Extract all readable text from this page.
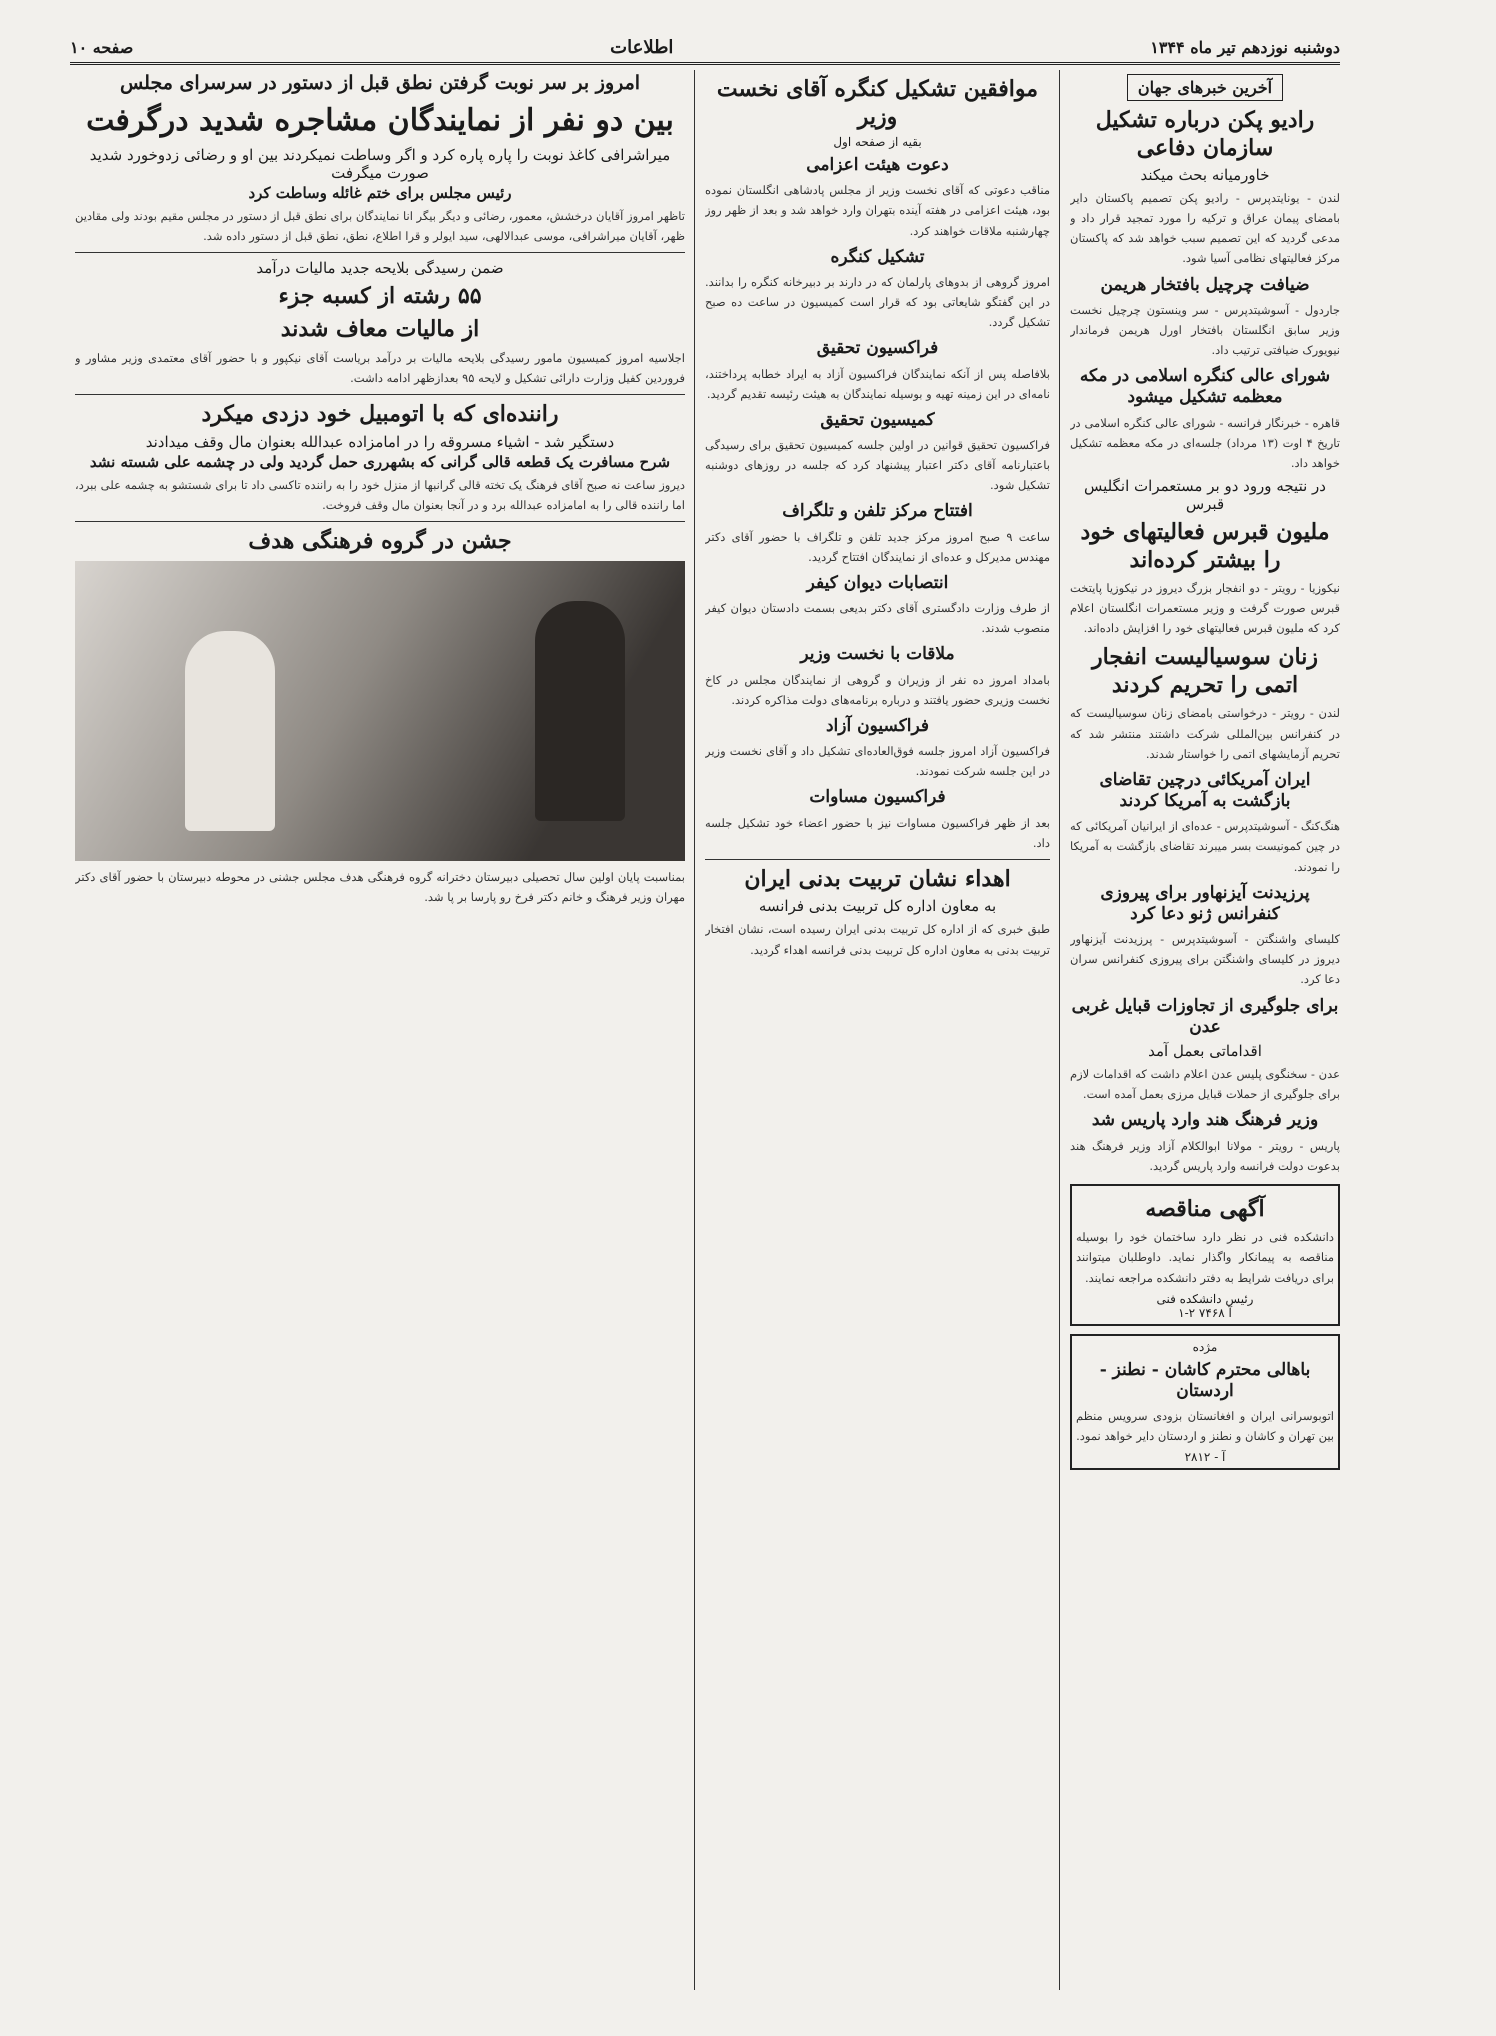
دوشنبه نوزدهم تیر ماه ۱۳۴۴
اطلاعات
صفحه ۱۰
آخرین خبرهای جهان
رادیو پکن درباره تشکیل سازمان دفاعی
خاورمیانه بحث میکند

لندن - یونایتدپرس - رادیو پکن تصمیم پاکستان دایر بامضای پیمان عراق و ترکیه را مورد تمجید قرار داد و مدعی گردید که این تصمیم سبب خواهد شد که پاکستان مرکز فعالیتهای نظامی آسیا شود.

ضیافت چرچیل بافتخار هریمن

جاردول - آسوشیتدپرس - سر وینستون چرچیل نخست وزیر سابق انگلستان بافتخار اورل هریمن فرماندار نیویورک ضیافتی ترتیب داد.

شورای عالی کنگره اسلامی در مکه معظمه تشکیل میشود

قاهره - خبرنگار فرانسه - شورای عالی کنگره اسلامی در تاریخ ۴ اوت (۱۳ مرداد) جلسه‌ای در مکه معظمه تشکیل خواهد داد.

در نتیجه ورود دو بر مستعمرات انگلیس قبرس
ملیون قبرس فعالیتهای خود را بیشتر کرده‌اند

نیکوزیا - رویتر - دو انفجار بزرگ دیروز در نیکوزیا پایتخت قبرس صورت گرفت و وزیر مستعمرات انگلستان اعلام کرد که ملیون قبرس فعالیتهای خود را افزایش داده‌اند.

زنان سوسیالیست انفجار اتمی را تحریم کردند

لندن - رویتر - درخواستی بامضای زنان سوسیالیست که در کنفرانس بین‌المللی شرکت داشتند منتشر شد که تحریم آزمایشهای اتمی را خواستار شدند.

ایران آمریکائی درچین تقاضای بازگشت به آمریکا کردند

هنگ‌کنگ - آسوشیتدپرس - عده‌ای از ایرانیان آمریکائی که در چین کمونیست بسر میبرند تقاضای بازگشت به آمریکا را نمودند.

پرزیدنت آیزنهاور برای پیروزی کنفرانس ژنو دعا کرد

کلیسای واشنگتن - آسوشیتدپرس - پرزیدنت آیزنهاور دیروز در کلیسای واشنگتن برای پیروزی کنفرانس سران دعا کرد.

برای جلوگیری از تجاوزات قبایل غربی عدن
اقداماتی بعمل آمد

عدن - سخنگوی پلیس عدن اعلام داشت که اقدامات لازم برای جلوگیری از حملات قبایل مرزی بعمل آمده است.

وزیر فرهنگ هند وارد پاریس شد

پاریس - رویتر - مولانا ابوالکلام آزاد وزیر فرهنگ هند بدعوت دولت فرانسه وارد پاریس گردید.

آگهی مناقصه

دانشکده فنی در نظر دارد ساختمان خود را بوسیله مناقصه به پیمانکار واگذار نماید. داوطلبان میتوانند برای دریافت شرایط به دفتر دانشکده مراجعه نمایند.

رئیس دانشکده فنی
آ ۷۴۶۸ ۲-۱
مژده
باهالی محترم کاشان - نطنز - اردستان

اتوبوسرانی ایران و افغانستان بزودی سرویس منظم بین تهران و کاشان و نطنز و اردستان دایر خواهد نمود.

آ - ۲۸۱۲
موافقین تشکیل کنگره آقای نخست وزیر
بقیه از صفحه اول
دعوت هیئت اعزامی

مناقب دعوتی که آقای نخست وزیر از مجلس پادشاهی انگلستان نموده بود، هیئت اعزامی در هفته آینده بتهران وارد خواهد شد و بعد از ظهر روز چهارشنبه ملاقات خواهند کرد.

تشکیل کنگره

امروز گروهی از بدوهای پارلمان که در دارند بر دبیرخانه کنگره را بدانند. در این گفتگو شایعاتی بود که قرار است کمیسیون در ساعت ده صبح تشکیل گردد.

فراکسیون تحقیق

بلافاصله پس از آنکه نمایندگان فراکسیون آزاد به ایراد خطابه پرداختند، نامه‌ای در این زمینه تهیه و بوسیله نمایندگان به هیئت رئیسه تقدیم گردید.

کمیسیون تحقیق

فراکسیون تحقیق قوانین در اولین جلسه کمیسیون تحقیق برای رسیدگی باعتبارنامه آقای دکتر اعتبار پیشنهاد کرد که جلسه در روزهای دوشنبه تشکیل شود.

افتتاح مرکز تلفن و تلگراف

ساعت ۹ صبح امروز مرکز جدید تلفن و تلگراف با حضور آقای دکتر مهندس مدیرکل و عده‌ای از نمایندگان افتتاح گردید.

انتصابات دیوان کیفر

از طرف وزارت دادگستری آقای دکتر بدیعی بسمت دادستان دیوان کیفر منصوب شدند.

ملاقات با نخست وزیر

بامداد امروز ده نفر از وزیران و گروهی از نمایندگان مجلس در کاخ نخست وزیری حضور یافتند و درباره برنامه‌های دولت مذاکره کردند.

فراکسیون آزاد

فراکسیون آزاد امروز جلسه فوق‌العاده‌ای تشکیل داد و آقای نخست وزیر در این جلسه شرکت نمودند.

فراکسیون مساوات

بعد از ظهر فراکسیون مساوات نیز با حضور اعضاء خود تشکیل جلسه داد.

اهداء نشان تربیت بدنی ایران
به معاون اداره کل تربیت بدنی فرانسه

طبق خبری که از اداره کل تربیت بدنی ایران رسیده است، نشان افتخار تربیت بدنی به معاون اداره کل تربیت بدنی فرانسه اهداء گردید.

امروز بر سر نوبت گرفتن نطق قبل از دستور در سرسرای مجلس
بین دو نفر از نمایندگان مشاجره شدید درگرفت
میراشرافی کاغذ نوبت را پاره پاره کرد و اگر وساطت نمیکردند بین او و رضائی زدوخورد شدید صورت میگرفت
رئیس مجلس برای ختم غائله وساطت کرد

تاظهر امروز آقایان درخشش، معمور، رضائی و دیگر بیگر انا نمایندگان برای نطق قبل از دستور در مجلس مقیم بودند ولی مقادین ظهر، آقایان میراشرافی، موسی عبدالالهی، سید ایولر و قرا اطلاع، نطق، نطق قبل از دستور داده شد.

ضمن رسیدگی بلایحه جدید مالیات درآمد
۵۵ رشته از کسبه جزء
از مالیات معاف شدند

اجلاسیه امروز کمیسیون مامور رسیدگی بلایحه مالیات بر درآمد بریاست آقای نیکپور و با حضور آقای معتمدی وزیر مشاور و فروردین کفیل وزارت دارائی تشکیل و لایحه ۹۵ بعدازظهر ادامه داشت.

راننده‌ای که با اتومبیل خود دزدی میکرد
دستگیر شد - اشیاء مسروقه را در امامزاده عبدالله بعنوان مال وقف میدادند
شرح مسافرت یک قطعه قالی گرانی که بشهرری حمل گردید ولی در چشمه علی شسته نشد

دیروز ساعت نه صبح آقای فرهنگ یک تخته قالی گرانبها از منزل خود را به راننده تاکسی داد تا برای شستشو به چشمه علی ببرد، اما راننده قالی را به امامزاده عبدالله برد و در آنجا بعنوان مال وقف فروخت.

جشن در گروه فرهنگی هدف

بمناسبت پایان اولین سال تحصیلی دبیرستان دخترانه گروه فرهنگی هدف مجلس جشنی در محوطه دبیرستان با حضور آقای دکتر مهران وزیر فرهنگ و خانم دکتر فرخ رو پارسا بر پا شد.
